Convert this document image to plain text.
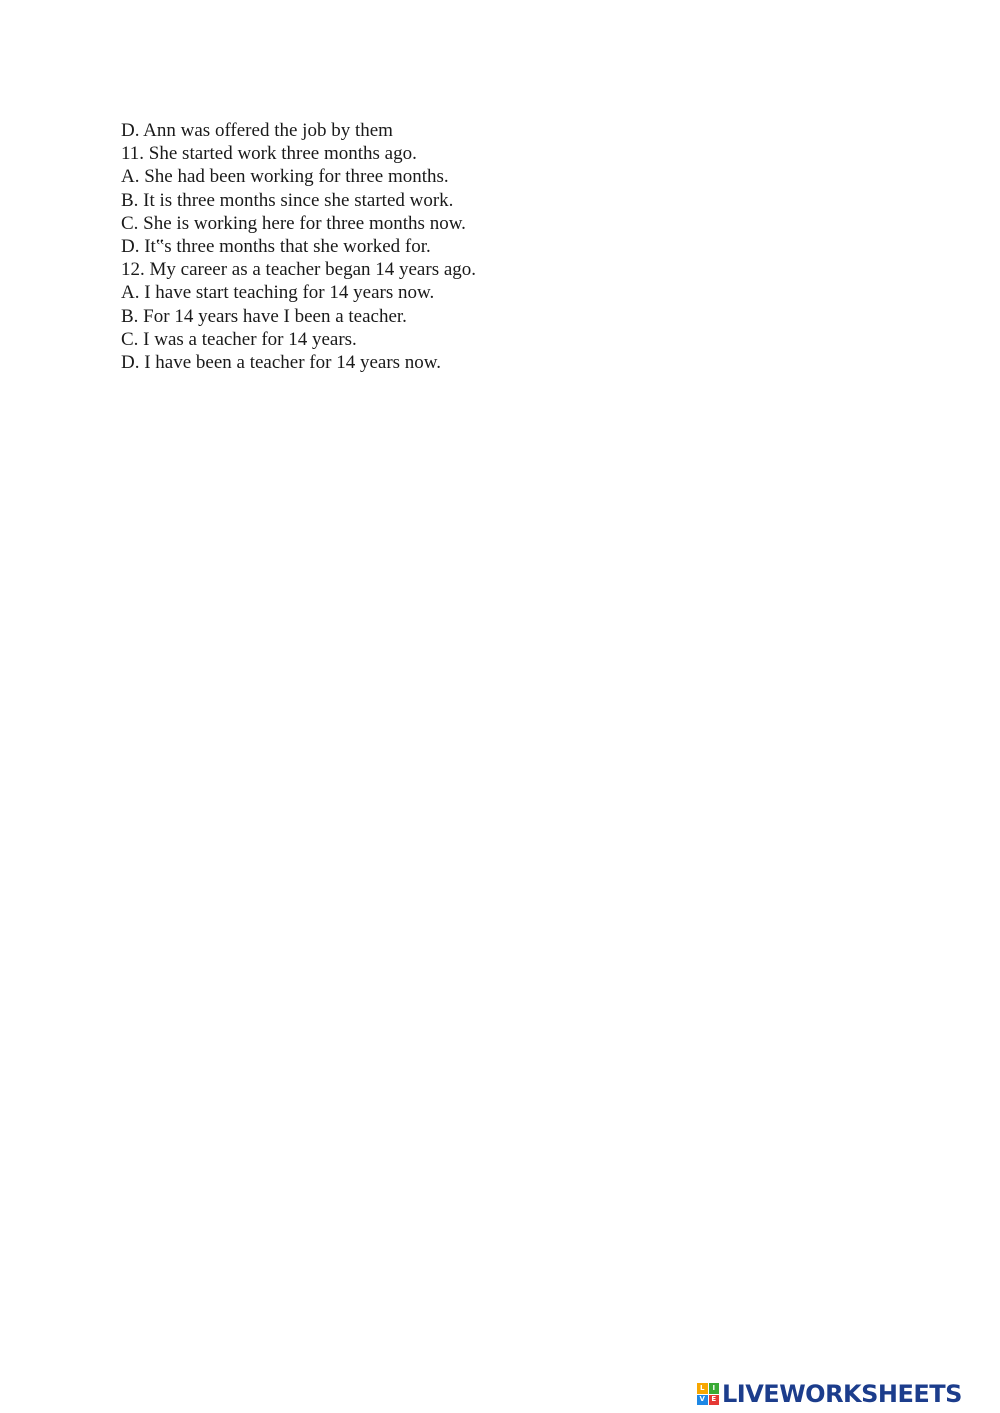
D. Ann was offered the job by them
11. She started work three months ago.
A. She had been working for three months.
B. It is three months since she started work.
C. She is working here for three months now.
D. It‟s three months that she worked for.
12. My career as a teacher began 14 years ago.
A. I have start teaching for 14 years now.
B. For 14 years have I been a teacher.
C. I was a teacher for 14 years.
D. I have been a teacher for 14 years now.
L	I
V E LIVEWORKSHEETS
